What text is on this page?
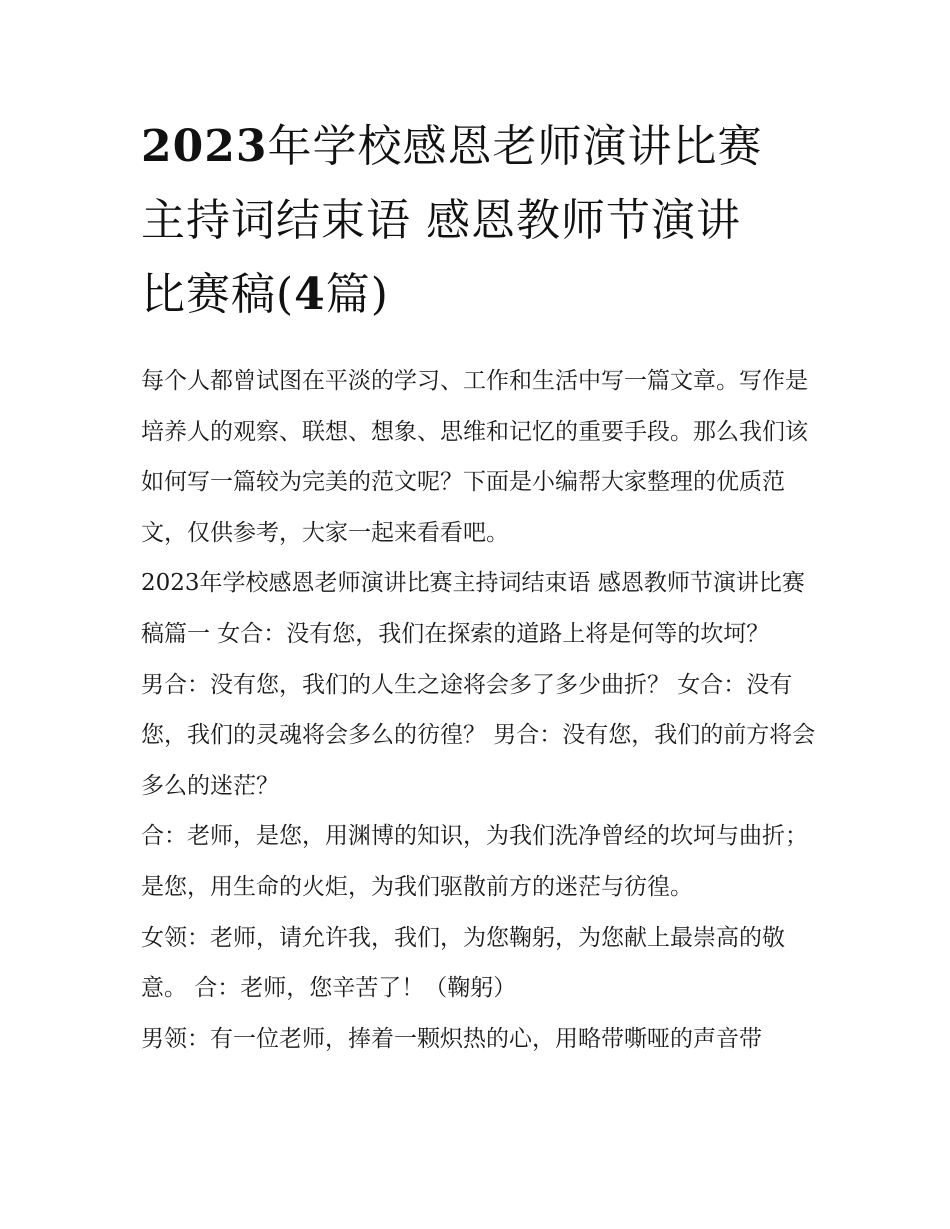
2023年学校感恩老师演讲比赛
主持词结束语 感恩教师节演讲
比赛稿(4篇)

每个人都曾试图在平淡的学习、工作和生活中写一篇文章。写作是培养人的观察、联想、想象、思维和记忆的重要手段。那么我们该如何写一篇较为完美的范文呢？下面是小编帮大家整理的优质范文，仅供参考，大家一起来看看吧。

2023年学校感恩老师演讲比赛主持词结束语 感恩教师节演讲比赛稿篇一 女合：没有您，我们在探索的道路上将是何等的坎坷？

男合：没有您，我们的人生之途将会多了多少曲折？ 女合：没有您，我们的灵魂将会多么的彷徨？ 男合：没有您，我们的前方将会多么的迷茫？

合：老师，是您，用渊博的知识，为我们洗净曾经的坎坷与曲折； 是您，用生命的火炬，为我们驱散前方的迷茫与彷徨。

女领：老师，请允许我，我们，为您鞠躬，为您献上最崇高的敬意。 合：老师，您辛苦了！（鞠躬）

男领：有一位老师，捧着一颗炽热的心，用略带嘶哑的声音带
